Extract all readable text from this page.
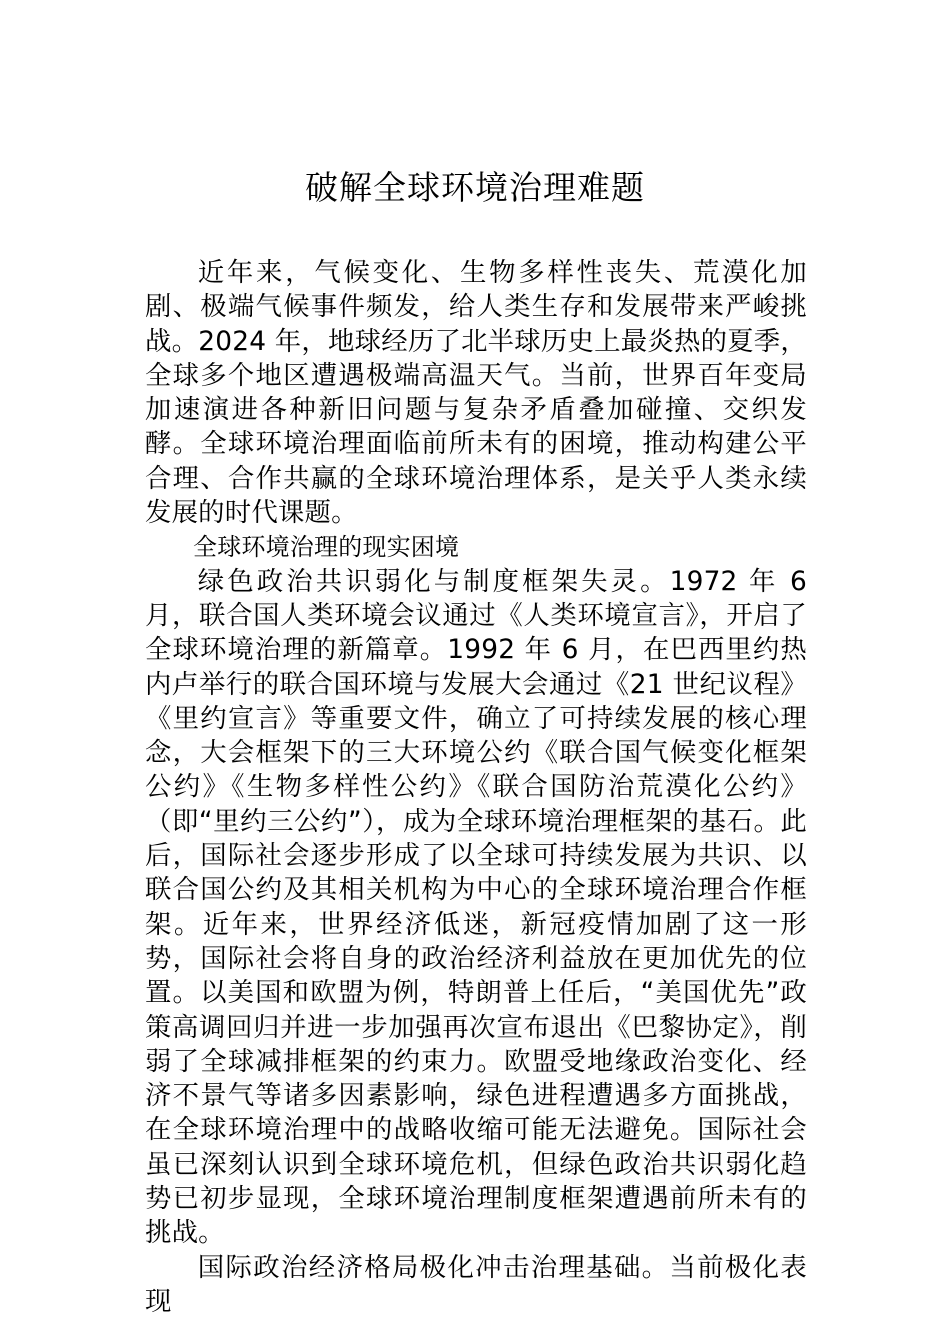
破解全球环境治理难题

近年来，气候变化、生物多样性丧失、荒漠化加剧、极端气候事件频发，给人类生存和发展带来严峻挑战。2024 年，地球经历了北半球历史上最炎热的夏季，全球多个地区遭遇极端高温天气。当前，世界百年变局加速演进各种新旧问题与复杂矛盾叠加碰撞、交织发酵。全球环境治理面临前所未有的困境，推动构建公平合理、合作共赢的全球环境治理体系，是关乎人类永续发展的时代课题。

全球环境治理的现实困境

绿色政治共识弱化与制度框架失灵。1972 年 6 月，联合国人类环境会议通过《人类环境宣言》，开启了全球环境治理的新篇章。1992 年 6 月，在巴西里约热内卢举行的联合国环境与发展大会通过《21 世纪议程》《里约宣言》等重要文件，确立了可持续发展的核心理念，大会框架下的三大环境公约《联合国气候变化框架公约》《生物多样性公约》《联合国防治荒漠化公约》（即“里约三公约”），成为全球环境治理框架的基石。此后，国际社会逐步形成了以全球可持续发展为共识、以联合国公约及其相关机构为中心的全球环境治理合作框架。近年来，世界经济低迷，新冠疫情加剧了这一形势，国际社会将自身的政治经济利益放在更加优先的位置。以美国和欧盟为例，特朗普上任后，“美国优先”政策高调回归并进一步加强再次宣布退出《巴黎协定》，削弱了全球减排框架的约束力。欧盟受地缘政治变化、经济不景气等诸多因素影响，绿色进程遭遇多方面挑战，在全球环境治理中的战略收缩可能无法避免。国际社会虽已深刻认识到全球环境危机，但绿色政治共识弱化趋势已初步显现，全球环境治理制度框架遭遇前所未有的挑战。

国际政治经济格局极化冲击治理基础。当前极化表现
